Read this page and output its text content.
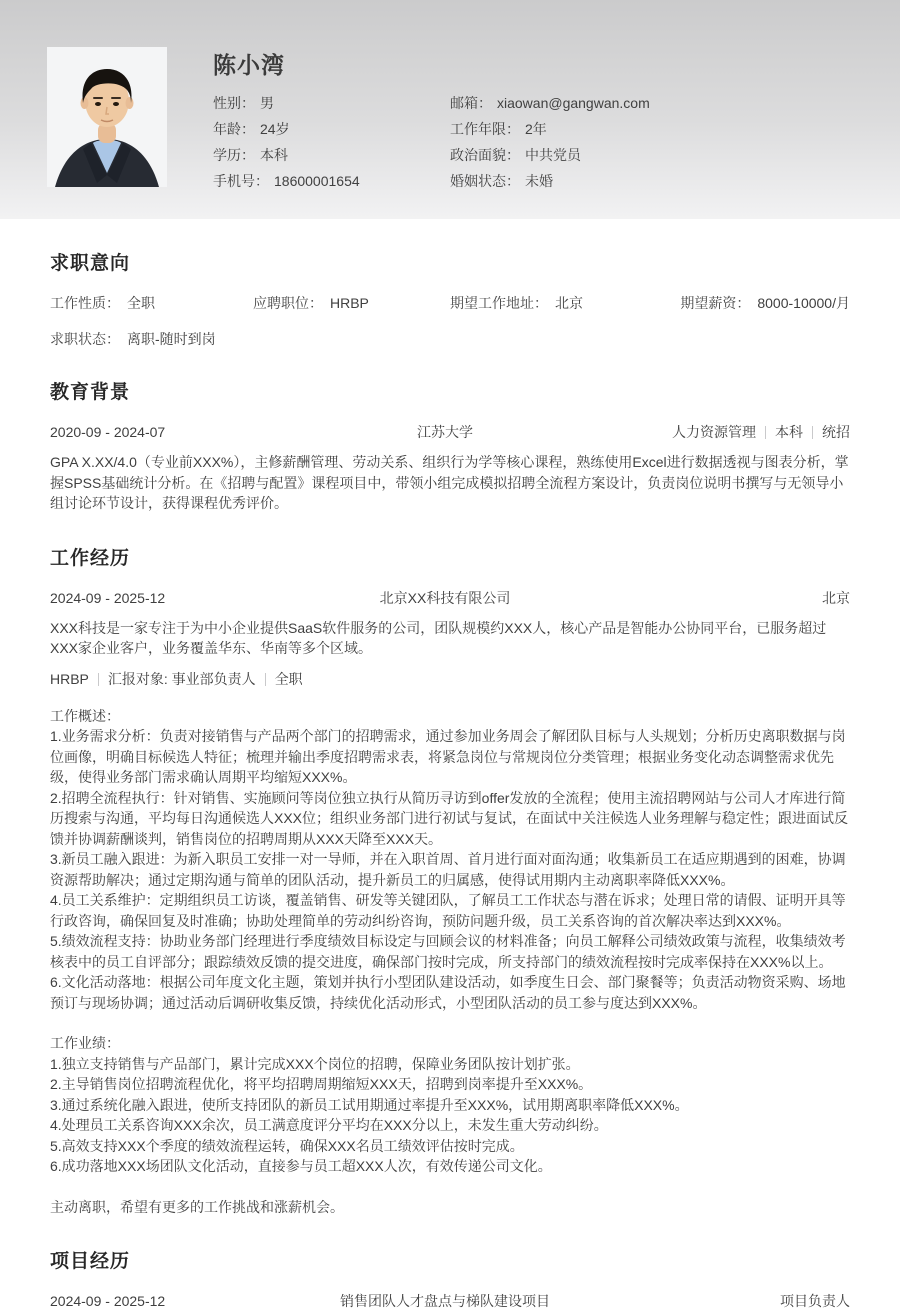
陈小湾
性别： 男	邮箱： xiaowan@gangwan.com
年龄： 24岁	工作年限： 2年
学历： 本科	政治面貌： 中共党员
手机号： 18600001654	婚姻状态： 未婚
求职意向
工作性质： 全职	应聘职位： HRBP	期望工作地址： 北京	期望薪资： 8000-10000/月
求职状态： 离职-随时到岗
教育背景
2020-09 - 2024-07	江苏大学	人力资源管理 本科 统招
GPA X.XX/4.0（专业前XXX%），主修薪酬管理、劳动关系、组织行为学等核心课程，熟练使用Excel进行数据透视与图表分析，掌握SPSS基础统计分析。在《招聘与配置》课程项目中，带领小组完成模拟招聘全流程方案设计，负责岗位说明书撰写与无领导小组讨论环节设计，获得课程优秀评价。
工作经历
2024-09 - 2025-12	北京XX科技有限公司	北京
XXX科技是一家专注于为中小企业提供SaaS软件服务的公司，团队规模约XXX人，核心产品是智能办公协同平台，已服务超过XXX家企业客户，业务覆盖华东、华南等多个区域。
HRBP 汇报对象: 事业部负责人 全职
工作概述：
1.业务需求分析：负责对接销售与产品两个部门的招聘需求，通过参加业务周会了解团队目标与人头规划；分析历史离职数据与岗位画像，明确目标候选人特征；梳理并输出季度招聘需求表，将紧急岗位与常规岗位分类管理；根据业务变化动态调整需求优先级，使得业务部门需求确认周期平均缩短XXX%。
2.招聘全流程执行：针对销售、实施顾问等岗位独立执行从简历寻访到offer发放的全流程；使用主流招聘网站与公司人才库进行简历搜索与沟通，平均每日沟通候选人XXX位；组织业务部门进行初试与复试，在面试中关注候选人业务理解与稳定性；跟进面试反馈并协调薪酬谈判，销售岗位的招聘周期从XXX天降至XXX天。
3.新员工融入跟进：为新入职员工安排一对一导师，并在入职首周、首月进行面对面沟通；收集新员工在适应期遇到的困难，协调资源帮助解决；通过定期沟通与简单的团队活动，提升新员工的归属感，使得试用期内主动离职率降低XXX%。
4.员工关系维护：定期组织员工访谈，覆盖销售、研发等关键团队，了解员工工作状态与潜在诉求；处理日常的请假、证明开具等行政咨询，确保回复及时准确；协助处理简单的劳动纠纷咨询，预防问题升级，员工关系咨询的首次解决率达到XXX%。
5.绩效流程支持：协助业务部门经理进行季度绩效目标设定与回顾会议的材料准备；向员工解释公司绩效政策与流程，收集绩效考核表中的员工自评部分；跟踪绩效反馈的提交进度，确保部门按时完成，所支持部门的绩效流程按时完成率保持在XXX%以上。
6.文化活动落地：根据公司年度文化主题，策划并执行小型团队建设活动，如季度生日会、部门聚餐等；负责活动物资采购、场地预订与现场协调；通过活动后调研收集反馈，持续优化活动形式，小型团队活动的员工参与度达到XXX%。
工作业绩：
1.独立支持销售与产品部门，累计完成XXX个岗位的招聘，保障业务团队按计划扩张。
2.主导销售岗位招聘流程优化，将平均招聘周期缩短XXX天，招聘到岗率提升至XXX%。
3.通过系统化融入跟进，使所支持团队的新员工试用期通过率提升至XXX%，试用期离职率降低XXX%。
4.处理员工关系咨询XXX余次，员工满意度评分平均在XXX分以上，未发生重大劳动纠纷。
5.高效支持XXX个季度的绩效流程运转，确保XXX名员工绩效评估按时完成。
6.成功落地XXX场团队文化活动，直接参与员工超XXX人次，有效传递公司文化。
主动离职，希望有更多的工作挑战和涨薪机会。
项目经历
2024-09 - 2025-12	销售团队人才盘点与梯队建设项目	项目负责人
